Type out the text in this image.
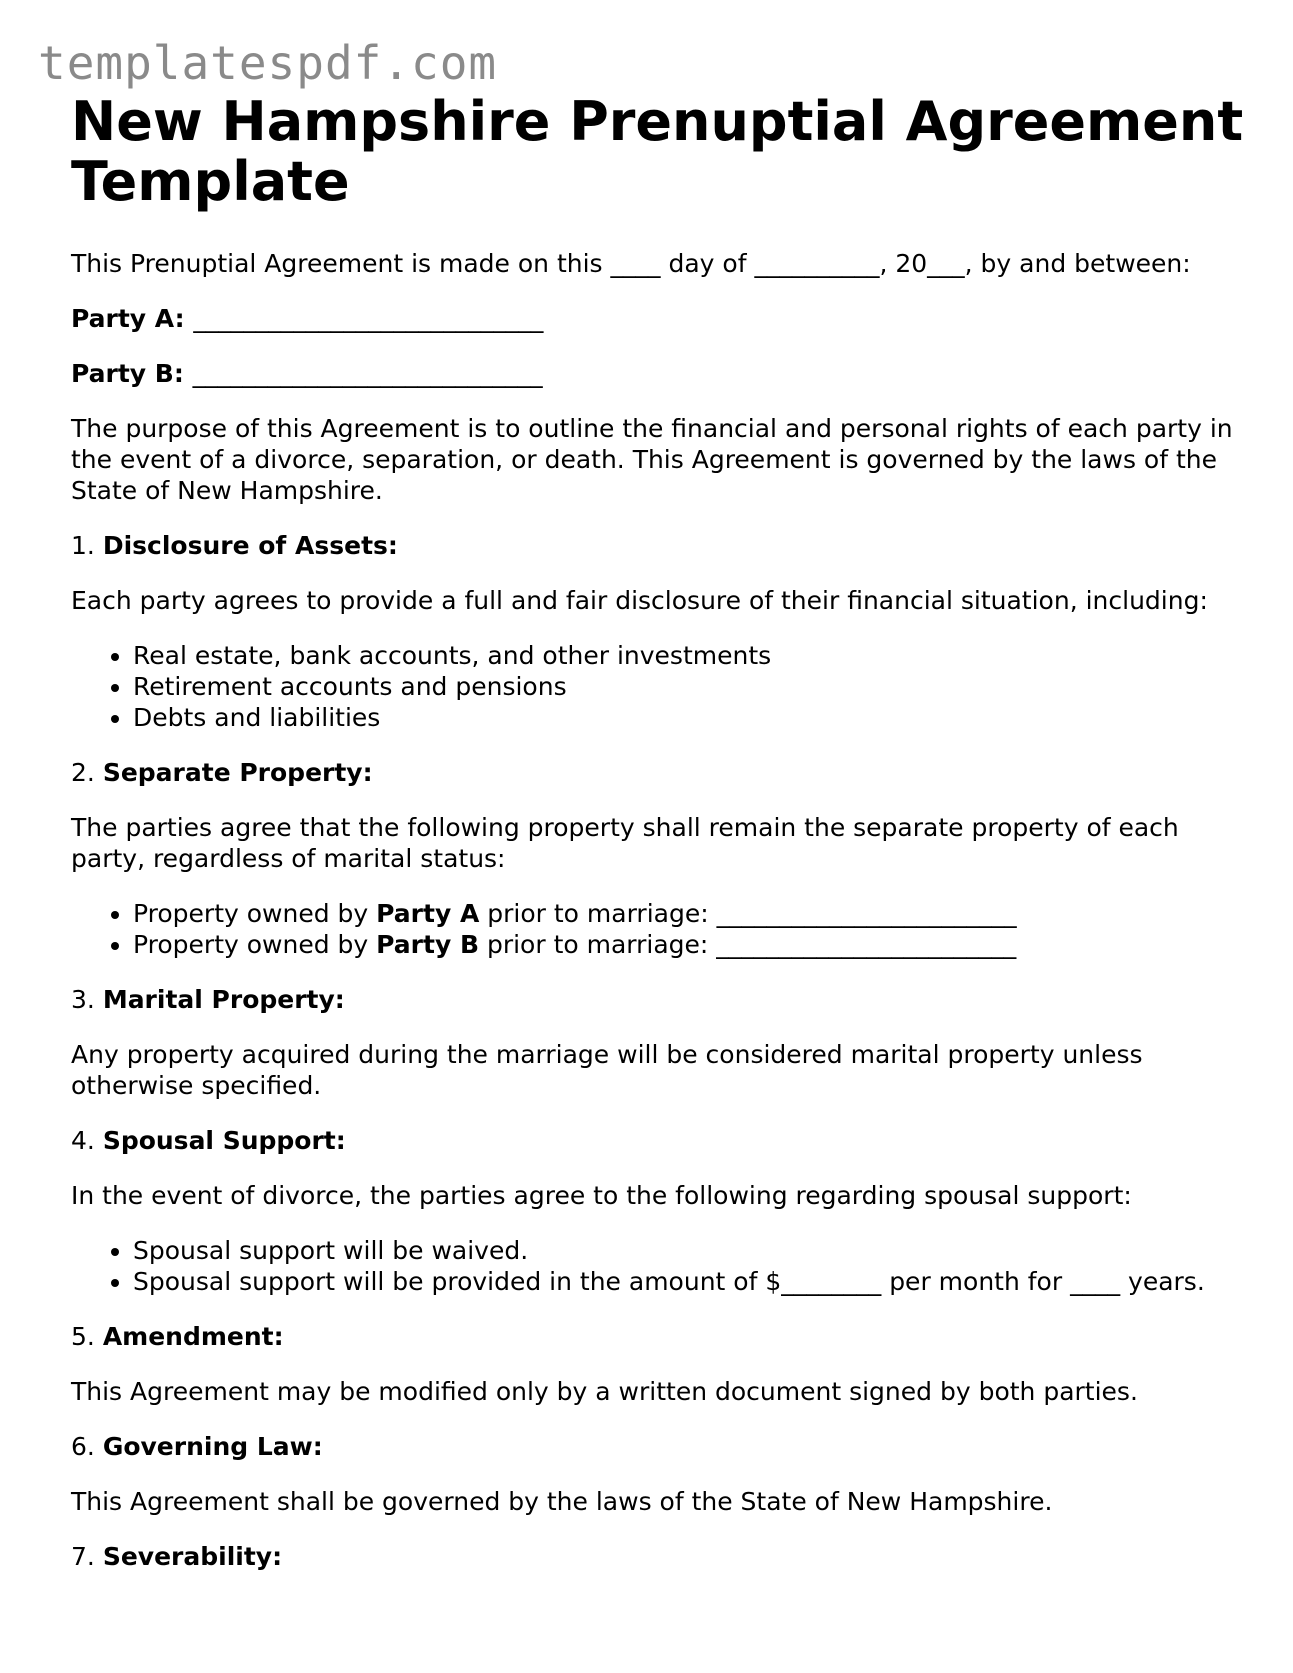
templatespdf.com
New Hampshire Prenuptial Agreement Template

This Prenuptial Agreement is made on this ____ day of __________, 20___, by and between:

Party A: ____________________________

Party B: ____________________________

The purpose of this Agreement is to outline the financial and personal rights of each party in the event of a divorce, separation, or death. This Agreement is governed by the laws of the State of New Hampshire.

1. Disclosure of Assets:

Each party agrees to provide a full and fair disclosure of their financial situation, including:

• Real estate, bank accounts, and other investments
• Retirement accounts and pensions
• Debts and liabilities

2. Separate Property:

The parties agree that the following property shall remain the separate property of each party, regardless of marital status:

• Property owned by Party A prior to marriage: ________________________
• Property owned by Party B prior to marriage: ________________________

3. Marital Property:

Any property acquired during the marriage will be considered marital property unless otherwise specified.

4. Spousal Support:

In the event of divorce, the parties agree to the following regarding spousal support:

• Spousal support will be waived.
• Spousal support will be provided in the amount of $________ per month for ____ years.

5. Amendment:

This Agreement may be modified only by a written document signed by both parties.

6. Governing Law:

This Agreement shall be governed by the laws of the State of New Hampshire.

7. Severability:
